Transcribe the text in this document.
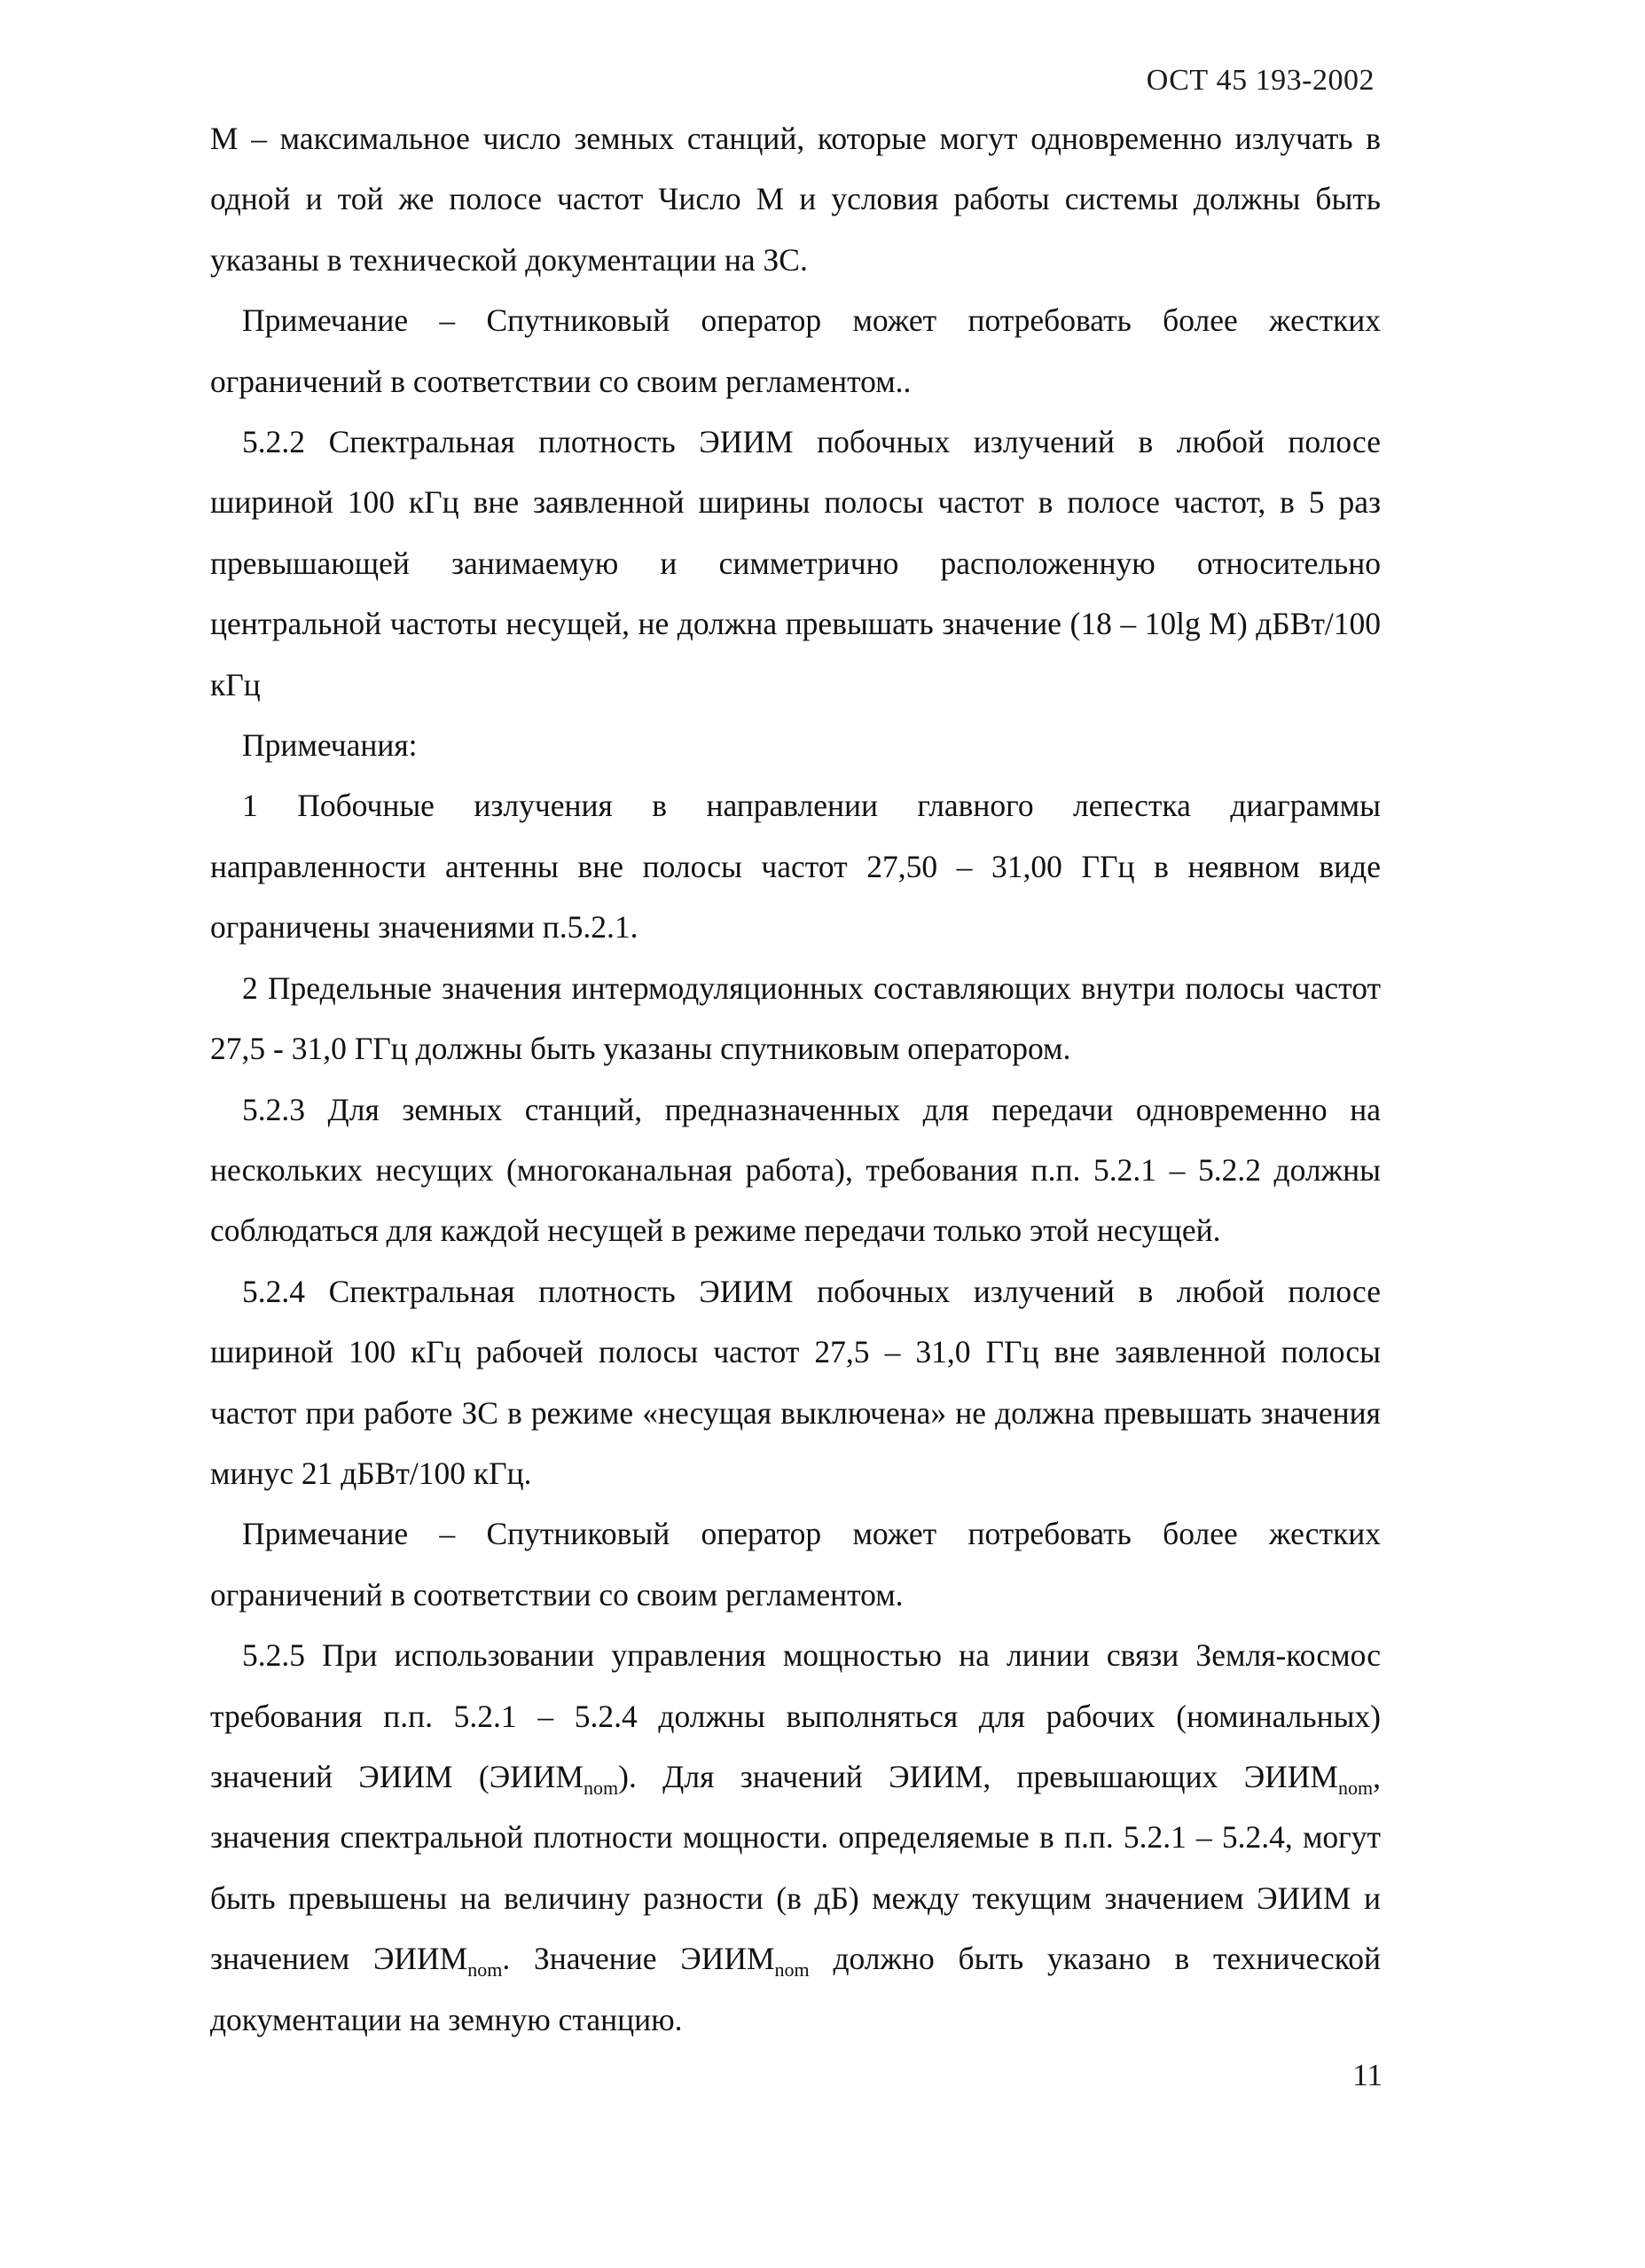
ОСТ 45 193-2002

М – максимальное число земных станций, которые могут одновременно излучать в одной и той же полосе частот Число М и условия работы системы должны быть указаны в технической документации на ЗС.

Примечание – Спутниковый оператор может потребовать более жестких ограничений в соответствии со своим регламентом..

5.2.2 Спектральная плотность ЭИИМ побочных излучений в любой полосе шириной 100 кГц вне заявленной ширины полосы частот в полосе частот, в 5 раз превышающей занимаемую и симметрично расположенную относительно центральной частоты несущей, не должна превышать значение (18 – 10lg M) дБВт/100 кГц

Примечания:

1 Побочные излучения в направлении главного лепестка диаграммы направленности антенны вне полосы частот 27,50 – 31,00 ГГц в неявном виде ограничены значениями п.5.2.1.

2 Предельные значения интермодуляционных составляющих внутри полосы частот 27,5 - 31,0 ГГц должны быть указаны спутниковым оператором.

5.2.3 Для земных станций, предназначенных для передачи одновременно на нескольких несущих (многоканальная работа), требования п.п. 5.2.1 – 5.2.2 должны соблюдаться для каждой несущей в режиме передачи только этой несущей.

5.2.4 Спектральная плотность ЭИИМ побочных излучений в любой полосе шириной 100 кГц рабочей полосы частот 27,5 – 31,0 ГГц вне заявленной полосы частот при работе ЗС в режиме «несущая выключена» не должна превышать значения минус 21 дБВт/100 кГц.

Примечание – Спутниковый оператор может потребовать более жестких ограничений в соответствии со своим регламентом.

5.2.5 При использовании управления мощностью на линии связи Земля-космос требования п.п. 5.2.1 – 5.2.4 должны выполняться для рабочих (номинальных) значений ЭИИМ $(ЭИИМ_{nom})$. Для значений ЭИИМ, превышающих $ЭИИМ_{nom}$, значения спектральной плотности мощности. определяемые в п.п. 5.2.1 – 5.2.4, могут быть превышены на величину разности (в дБ) между текущим значением ЭИИМ и значением $ЭИИМ_{nom}$. Значение $ЭИИМ_{nom}$ должно быть указано в технической документации на земную станцию.

11
